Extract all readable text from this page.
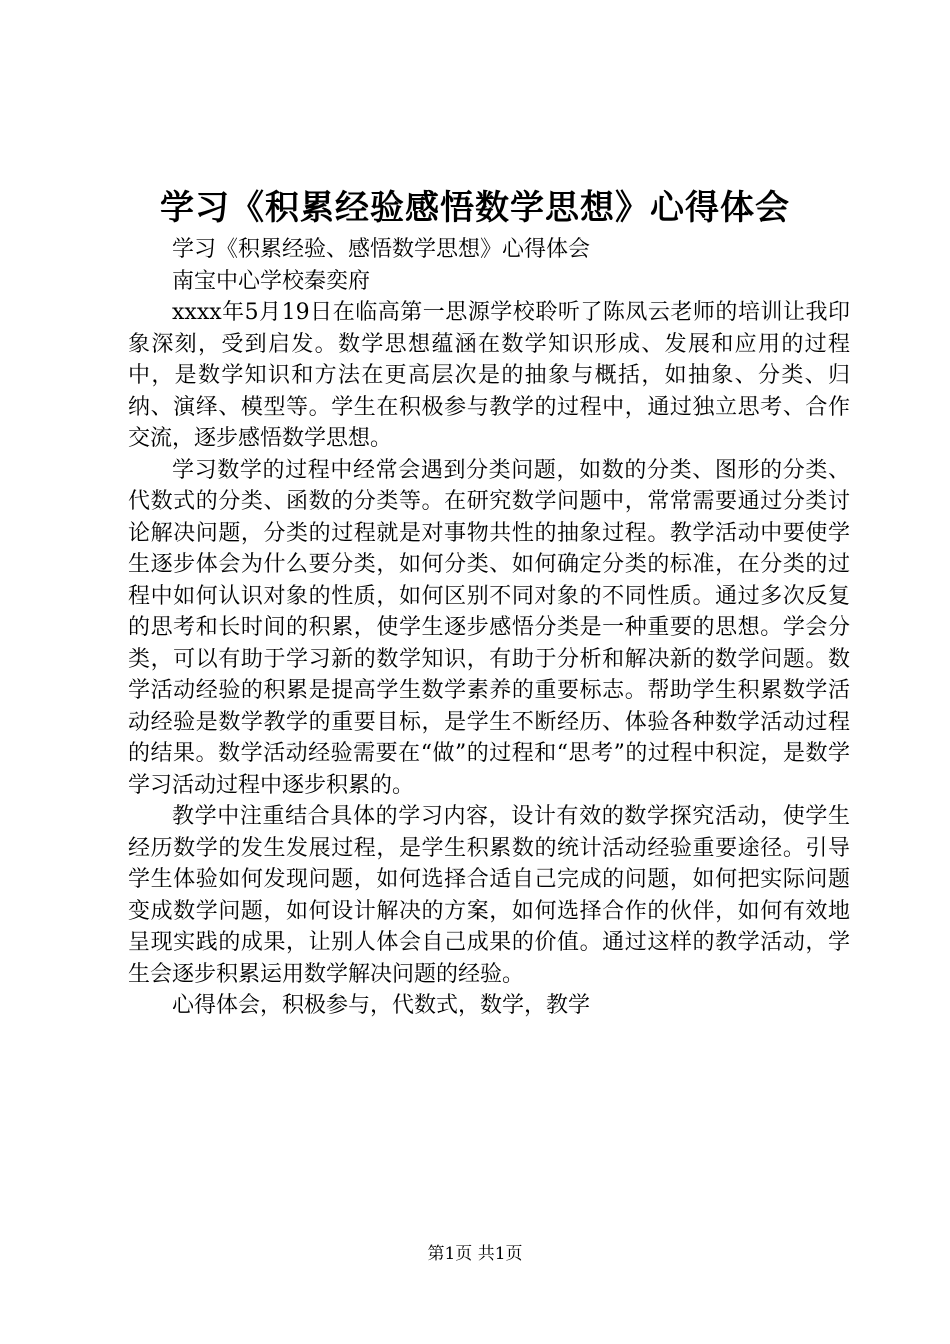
学习《积累经验感悟数学思想》心得体会

学习《积累经验、感悟数学思想》心得体会

南宝中心学校秦奕府

xxxx年5月19日在临高第一思源学校聆听了陈凤云老师的培训让我印象深刻，受到启发。数学思想蕴涵在数学知识形成、发展和应用的过程中，是数学知识和方法在更高层次是的抽象与概括，如抽象、分类、归纳、演绎、模型等。学生在积极参与教学的过程中，通过独立思考、合作交流，逐步感悟数学思想。

学习数学的过程中经常会遇到分类问题，如数的分类、图形的分类、代数式的分类、函数的分类等。在研究数学问题中，常常需要通过分类讨论解决问题，分类的过程就是对事物共性的抽象过程。教学活动中要使学生逐步体会为什么要分类，如何分类、如何确定分类的标准，在分类的过程中如何认识对象的性质，如何区别不同对象的不同性质。通过多次反复的思考和长时间的积累，使学生逐步感悟分类是一种重要的思想。学会分类，可以有助于学习新的数学知识，有助于分析和解决新的数学问题。数学活动经验的积累是提高学生数学素养的重要标志。帮助学生积累数学活动经验是数学教学的重要目标，是学生不断经历、体验各种数学活动过程的结果。数学活动经验需要在“做”的过程和“思考”的过程中积淀，是数学学习活动过程中逐步积累的。

教学中注重结合具体的学习内容，设计有效的数学探究活动，使学生经历数学的发生发展过程，是学生积累数的统计活动经验重要途径。引导学生体验如何发现问题，如何选择合适自己完成的问题，如何把实际问题变成数学问题，如何设计解决的方案，如何选择合作的伙伴，如何有效地呈现实践的成果，让别人体会自己成果的价值。通过这样的教学活动，学生会逐步积累运用数学解决问题的经验。

心得体会，积极参与，代数式，数学，教学

第1页 共1页
